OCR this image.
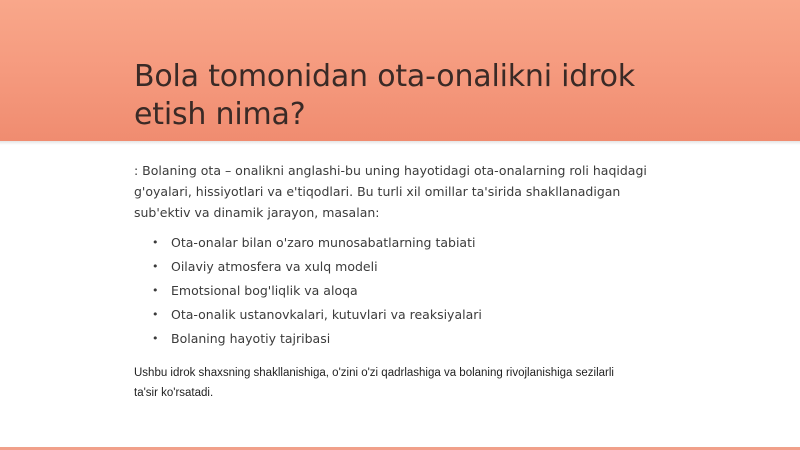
Bola tomonidan ota-onalikni idrok etish nima?

: Bolaning ota – onalikni anglashi-bu uning hayotidagi ota-onalarning roli haqidagi g'oyalari, hissiyotlari va e'tiqodlari. Bu turli xil omillar ta'sirida shakllanadigan sub'ektiv va dinamik jarayon, masalan:

• Ota-onalar bilan o'zaro munosabatlarning tabiati
• Oilaviy atmosfera va xulq modeli
• Emotsional bog'liqlik va aloqa
• Ota-onalik ustanovkalari, kutuvlari va reaksiyalari
• Bolaning hayotiy tajribasi

Ushbu idrok shaxsning shakllanishiga, o'zini o'zi qadrlashiga va bolaning rivojlanishiga sezilarli ta'sir ko'rsatadi.
